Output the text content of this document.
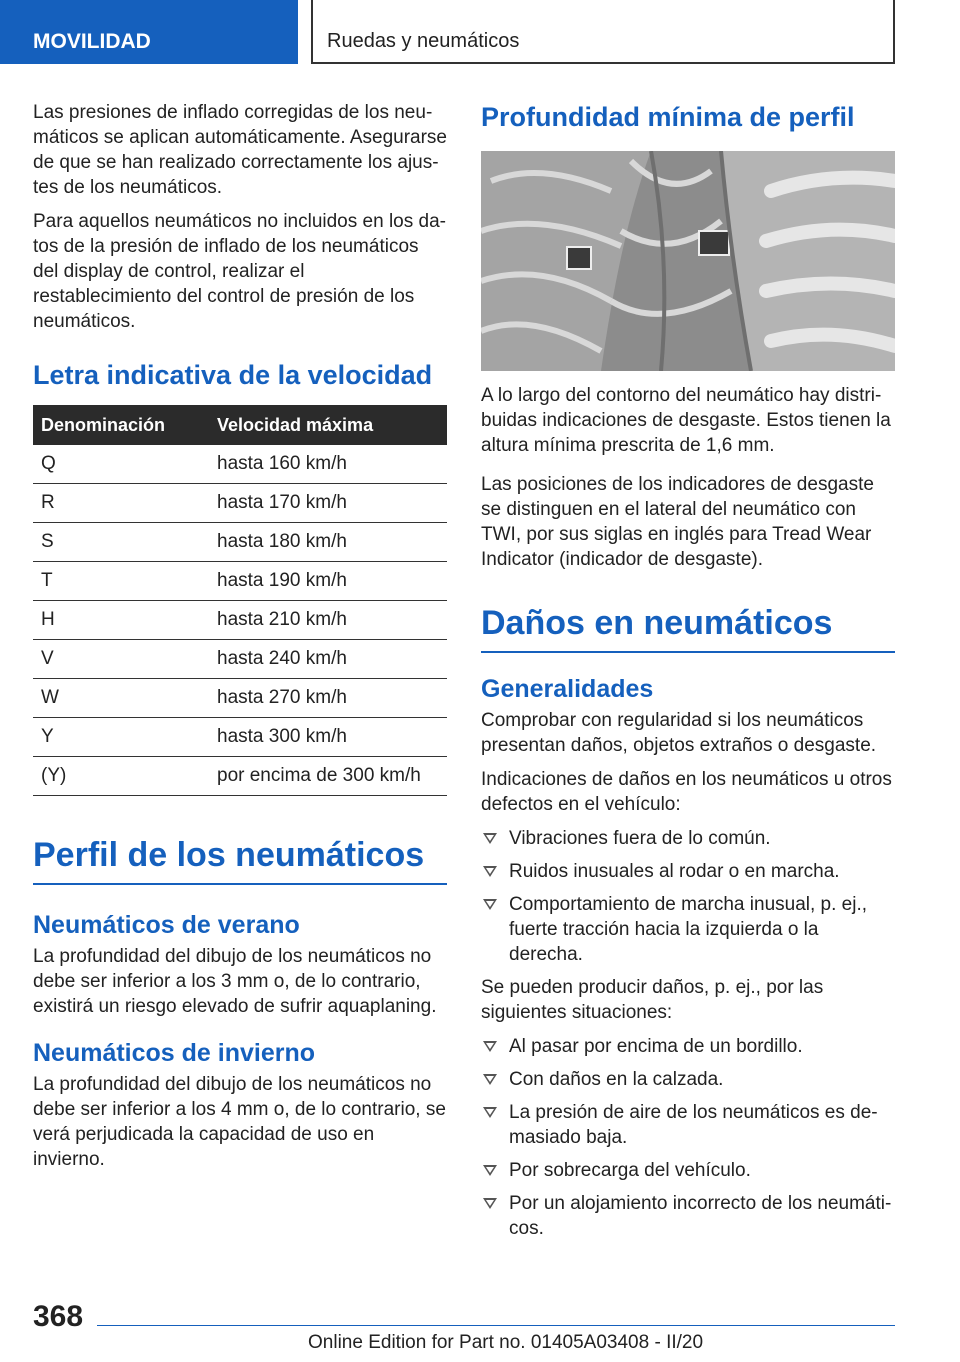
MOVILIDAD	Ruedas y neumáticos

Las presiones de inflado corregidas de los neumáticos se aplican automáticamente. Asegurarse de que se han realizado correctamente los ajustes de los neumáticos.

Para aquellos neumáticos no incluidos en los datos de la presión de inflado de los neumáticos del display de control, realizar el restablecimiento del control de presión de los neumáticos.

Letra indicativa de la velocidad
Denominación	Velocidad máxima
Q	hasta 160 km/h
R	hasta 170 km/h
S	hasta 180 km/h
T	hasta 190 km/h
H	hasta 210 km/h
V	hasta 240 km/h
W	hasta 270 km/h
Y	hasta 300 km/h
(Y)	por encima de 300 km/h
Perfil de los neumáticos
Neumáticos de verano

La profundidad del dibujo de los neumáticos no debe ser inferior a los 3 mm o, de lo contrario, existirá un riesgo elevado de sufrir aquaplaning.

Neumáticos de invierno

La profundidad del dibujo de los neumáticos no debe ser inferior a los 4 mm o, de lo contrario, se verá perjudicada la capacidad de uso en invierno.

Profundidad mínima de perfil

A lo largo del contorno del neumático hay distribuidas indicaciones de desgaste. Estos tienen la altura mínima prescrita de 1,6 mm.

Las posiciones de los indicadores de desgaste se distinguen en el lateral del neumático con TWI, por sus siglas en inglés para Tread Wear Indicator (indicador de desgaste).

Daños en neumáticos
Generalidades

Comprobar con regularidad si los neumáticos presentan daños, objetos extraños o desgaste.

Indicaciones de daños en los neumáticos u otros defectos en el vehículo:

Vibraciones fuera de lo común.
Ruidos inusuales al rodar o en marcha.
Comportamiento de marcha inusual, p. ej., fuerte tracción hacia la izquierda o la derecha.

Se pueden producir daños, p. ej., por las siguientes situaciones:

Al pasar por encima de un bordillo.
Con daños en la calzada.
La presión de aire de los neumáticos es demasiado baja.
Por sobrecarga del vehículo.
Por un alojamiento incorrecto de los neumáticos.
368
Online Edition for Part no. 01405A03408 - II/20
